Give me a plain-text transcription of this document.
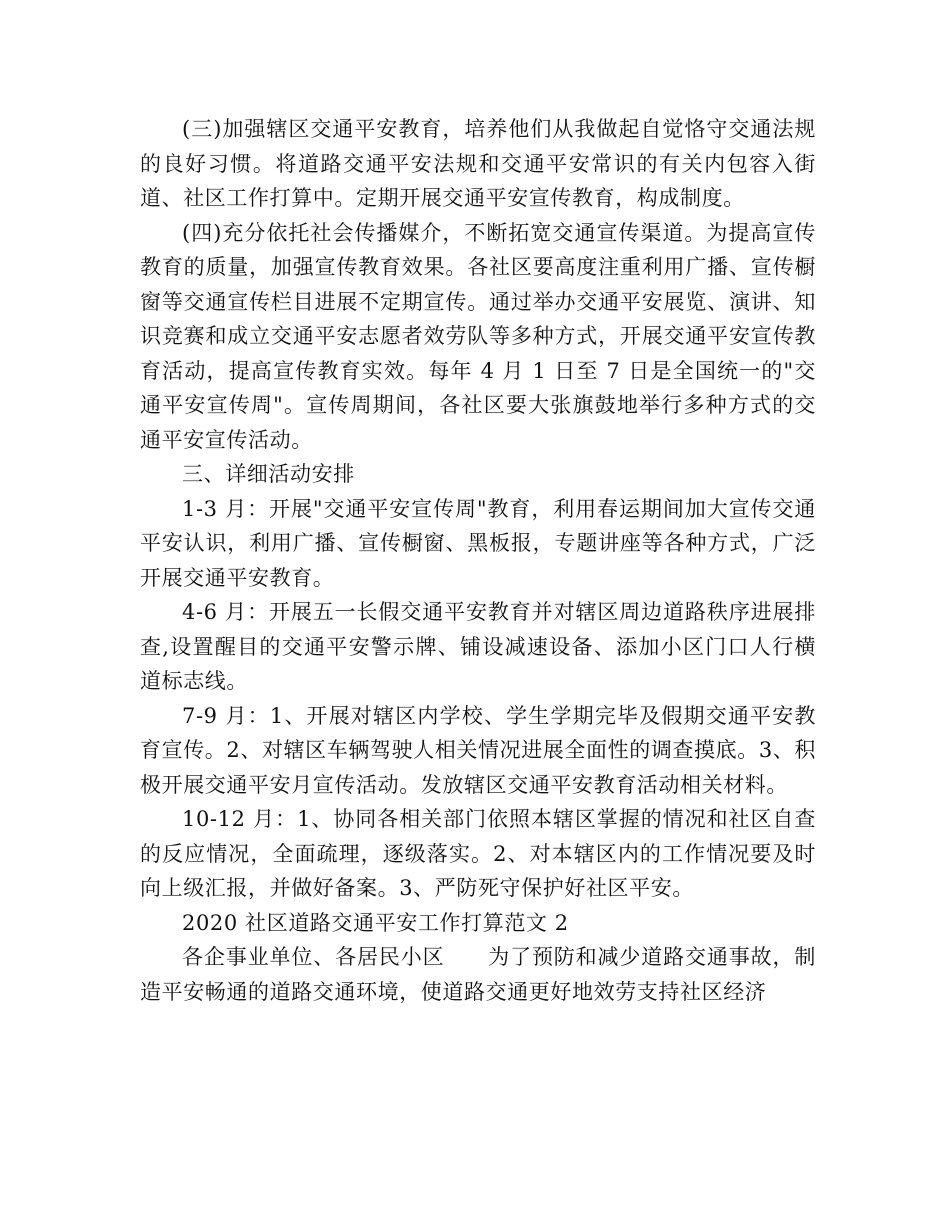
(三)加强辖区交通平安教育，培养他们从我做起自觉恪守交通法规的良好习惯。将道路交通平安法规和交通平安常识的有关内包容入街道、社区工作打算中。定期开展交通平安宣传教育，构成制度。

(四)充分依托社会传播媒介，不断拓宽交通宣传渠道。为提高宣传教育的质量，加强宣传教育效果。各社区要高度注重利用广播、宣传橱窗等交通宣传栏目进展不定期宣传。通过举办交通平安展览、演讲、知识竞赛和成立交通平安志愿者效劳队等多种方式，开展交通平安宣传教育活动，提高宣传教育实效。每年 4 月 1 日至 7 日是全国统一的"交通平安宣传周"。宣传周期间，各社区要大张旗鼓地举行多种方式的交通平安宣传活动。

三、详细活动安排

1-3 月：开展"交通平安宣传周"教育，利用春运期间加大宣传交通平安认识，利用广播、宣传橱窗、黑板报，专题讲座等各种方式，广泛开展交通平安教育。

4-6 月：开展五一长假交通平安教育并对辖区周边道路秩序进展排查,设置醒目的交通平安警示牌、铺设减速设备、添加小区门口人行横道标志线。

7-9 月：1、开展对辖区内学校、学生学期完毕及假期交通平安教育宣传。2、对辖区车辆驾驶人相关情况进展全面性的调查摸底。3、积极开展交通平安月宣传活动。发放辖区交通平安教育活动相关材料。

10-12 月：1、协同各相关部门依照本辖区掌握的情况和社区自查的反应情况，全面疏理，逐级落实。2、对本辖区内的工作情况要及时向上级汇报，并做好备案。3、严防死守保护好社区平安。

2020 社区道路交通平安工作打算范文 2

各企事业单位、各居民小区　　为了预防和减少道路交通事故，制造平安畅通的道路交通环境，使道路交通更好地效劳支持社区经济
